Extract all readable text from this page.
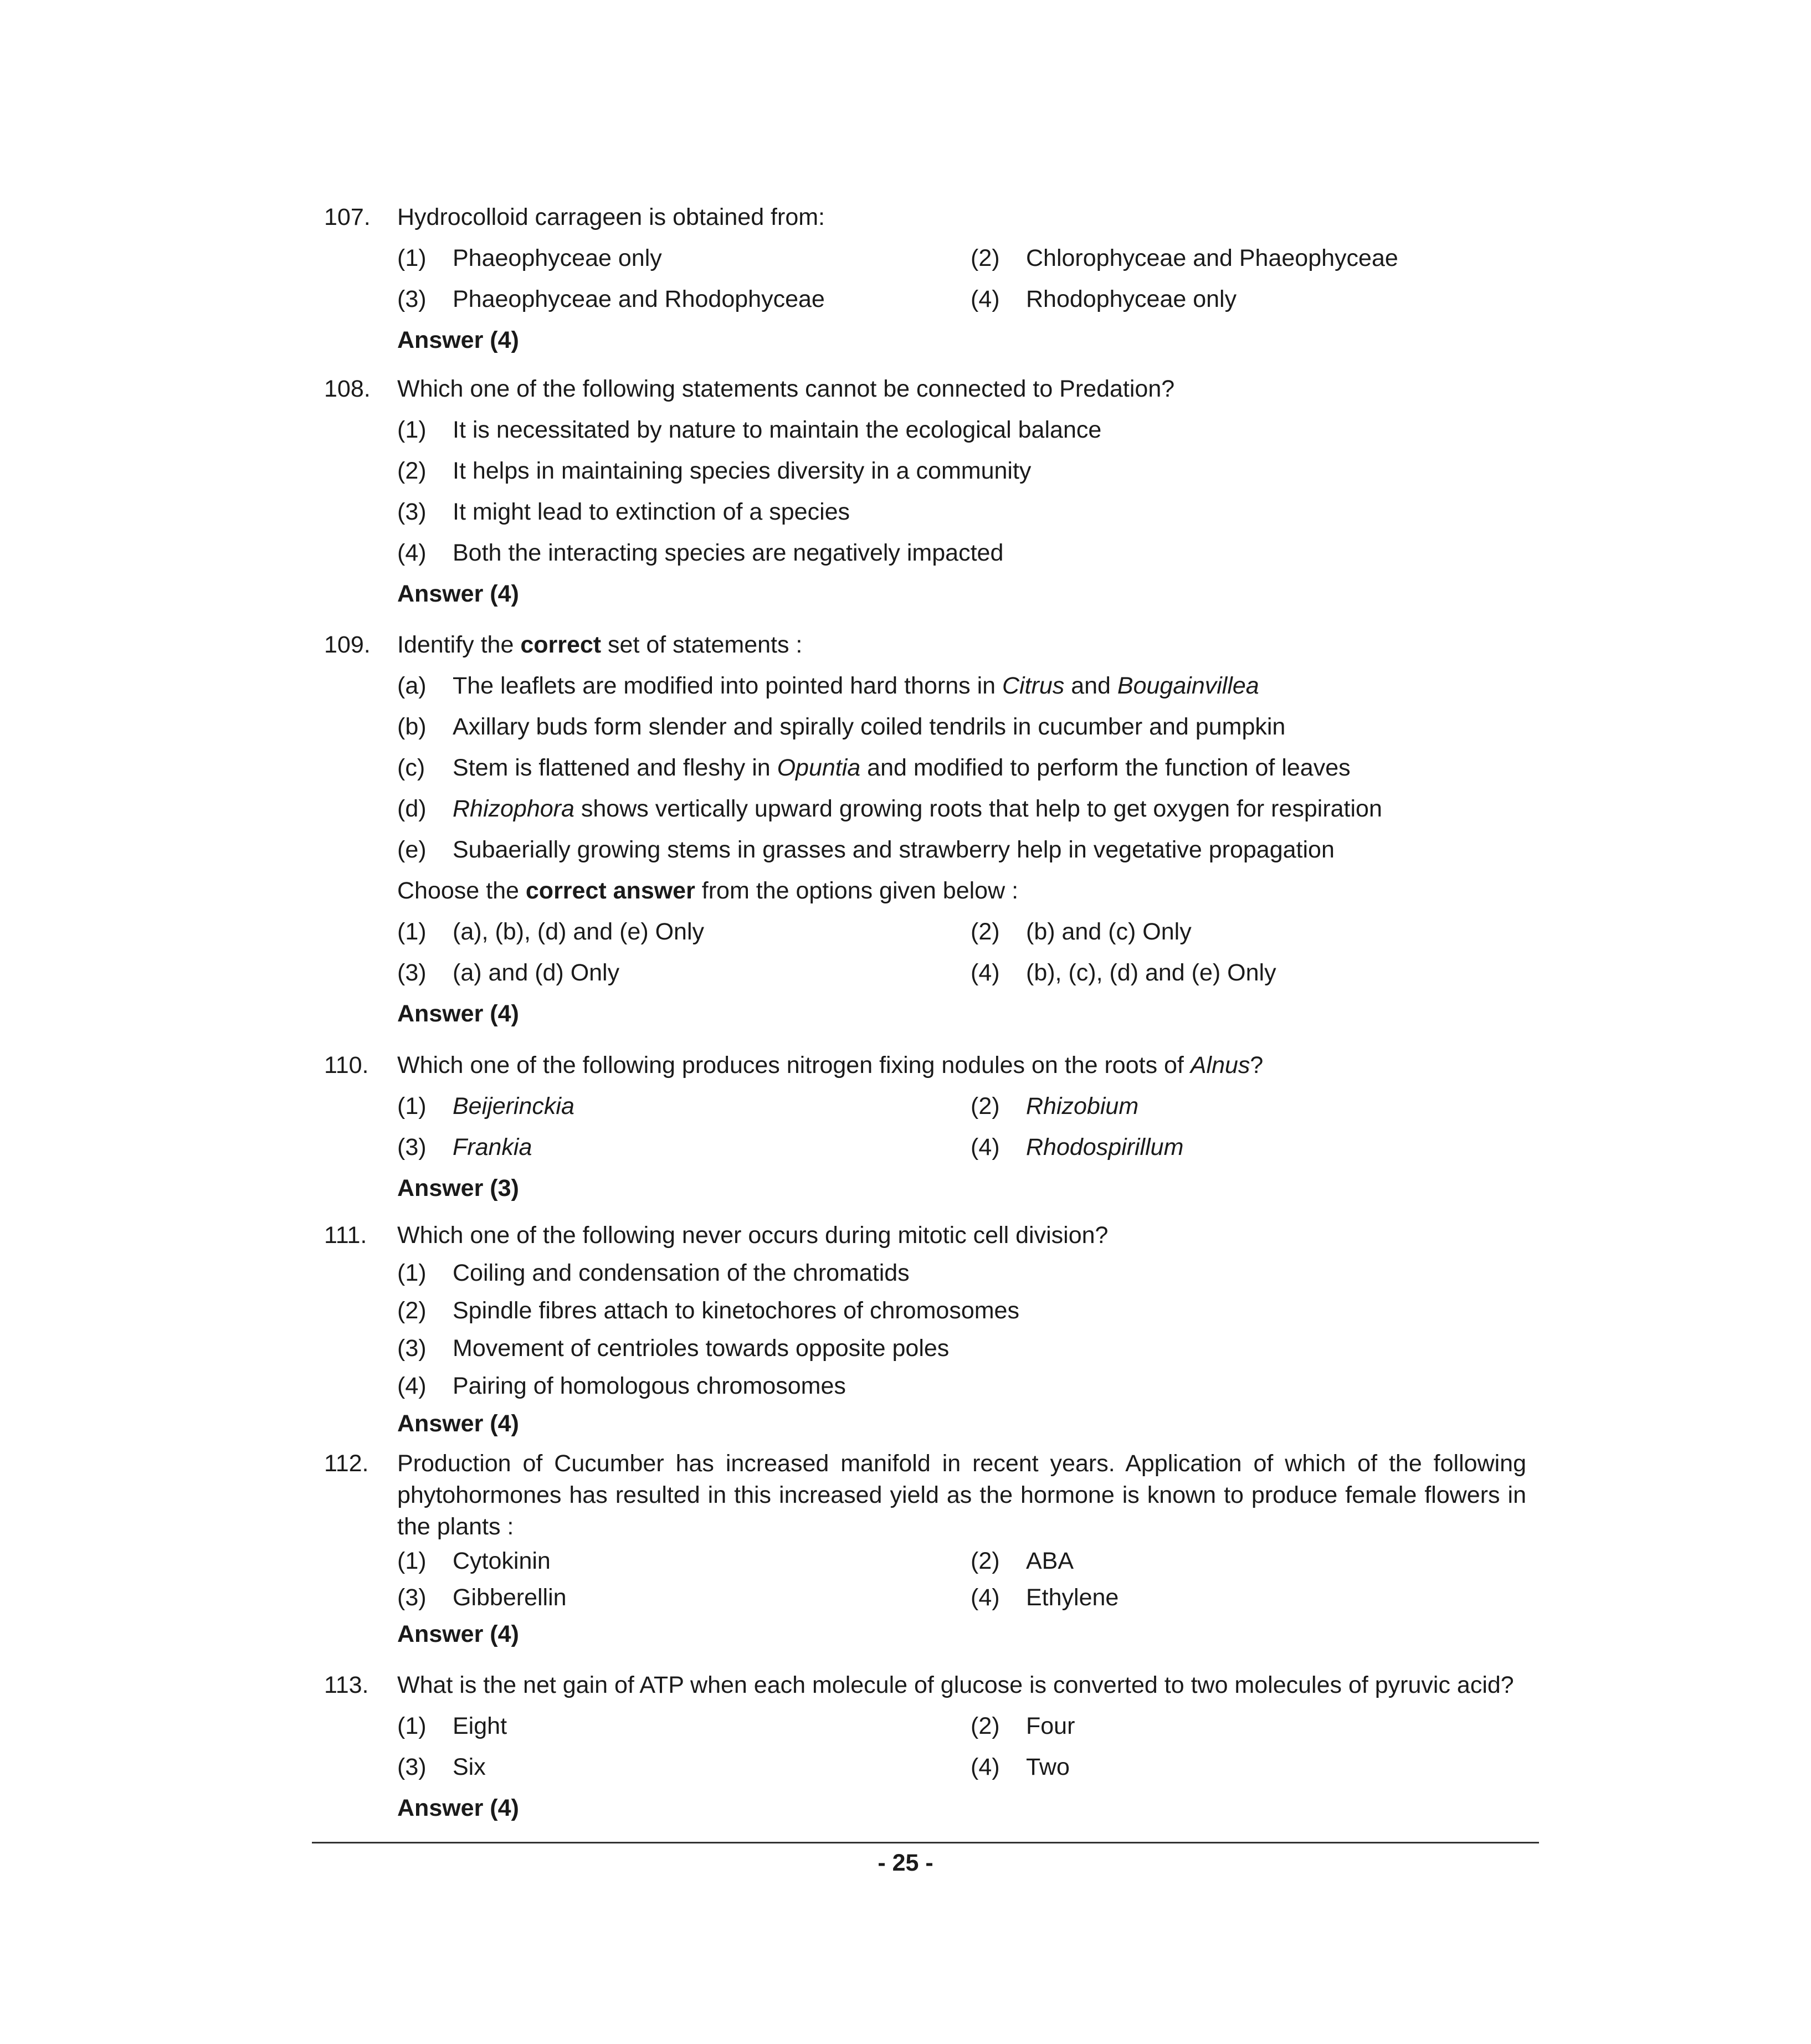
107.	Hydrocolloid carrageen is obtained from:
(1)	Phaeophyceae only	(2)	Chlorophyceae and Phaeophyceae
(3)	Phaeophyceae and Rhodophyceae	(4)	Rhodophyceae only
Answer (4)
108.	Which one of the following statements cannot be connected to Predation?
(1)	It is necessitated by nature to maintain the ecological balance
(2)	It helps in maintaining species diversity in a community
(3)	It might lead to extinction of a species
(4)	Both the interacting species are negatively impacted
Answer (4)
109.	Identify the correct set of statements :
(a)	The leaflets are modified into pointed hard thorns in Citrus and Bougainvillea
(b)	Axillary buds form slender and spirally coiled tendrils in cucumber and pumpkin
(c)	Stem is flattened and fleshy in Opuntia and modified to perform the function of leaves
(d)	Rhizophora shows vertically upward growing roots that help to get oxygen for respiration
(e)	Subaerially growing stems in grasses and strawberry help in vegetative propagation
Choose the correct answer from the options given below :
(1)	(a), (b), (d) and (e) Only	(2)	(b) and (c) Only
(3)	(a) and (d) Only	(4)	(b), (c), (d) and (e) Only
Answer (4)
110.	Which one of the following produces nitrogen fixing nodules on the roots of Alnus?
(1)	Beijerinckia	(2)	Rhizobium
(3)	Frankia	(4)	Rhodospirillum
Answer (3)
111.	Which one of the following never occurs during mitotic cell division?
(1)	Coiling and condensation of the chromatids
(2)	Spindle fibres attach to kinetochores of chromosomes
(3)	Movement of centrioles towards opposite poles
(4)	Pairing of homologous chromosomes
Answer (4)
112.	Production of Cucumber has increased manifold in recent years. Application of which of the following phytohormones has resulted in this increased yield as the hormone is known to produce female flowers in the plants :
(1)	Cytokinin	(2)	ABA
(3)	Gibberellin	(4)	Ethylene
Answer (4)
113.	What is the net gain of ATP when each molecule of glucose is converted to two molecules of pyruvic acid?
(1)	Eight	(2)	Four
(3)	Six	(4)	Two
Answer (4)
- 25 -
